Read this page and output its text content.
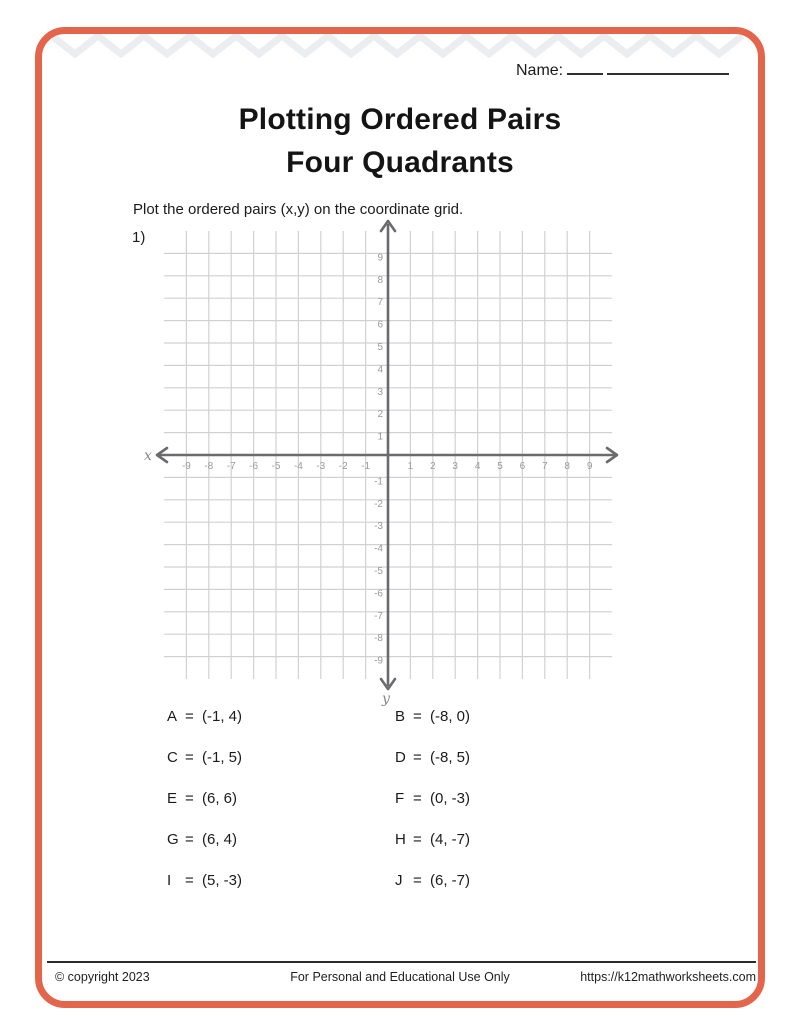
Name:
Plotting Ordered Pairs
Four Quadrants
Plot the ordered pairs (x,y) on the coordinate grid.
1)
-9
-9
-8
-8
-7
-7
-6
-6
-5
-5
-4
-4
-3
-3
-2
-2
-1
-1
1
1
2
2
3
3
4
4
5
5
6
6
7
7
8
8
9
9
x
y
A = (-1, 4)
C = (-1, 5)
E = (6, 6)
G = (6, 4)
I = (5, -3)
B = (-8, 0)
D = (-8, 5)
F = (0, -3)
H = (4, -7)
J = (6, -7)
© copyright 2023	For Personal and Educational Use Only	https://k12mathworksheets.com
